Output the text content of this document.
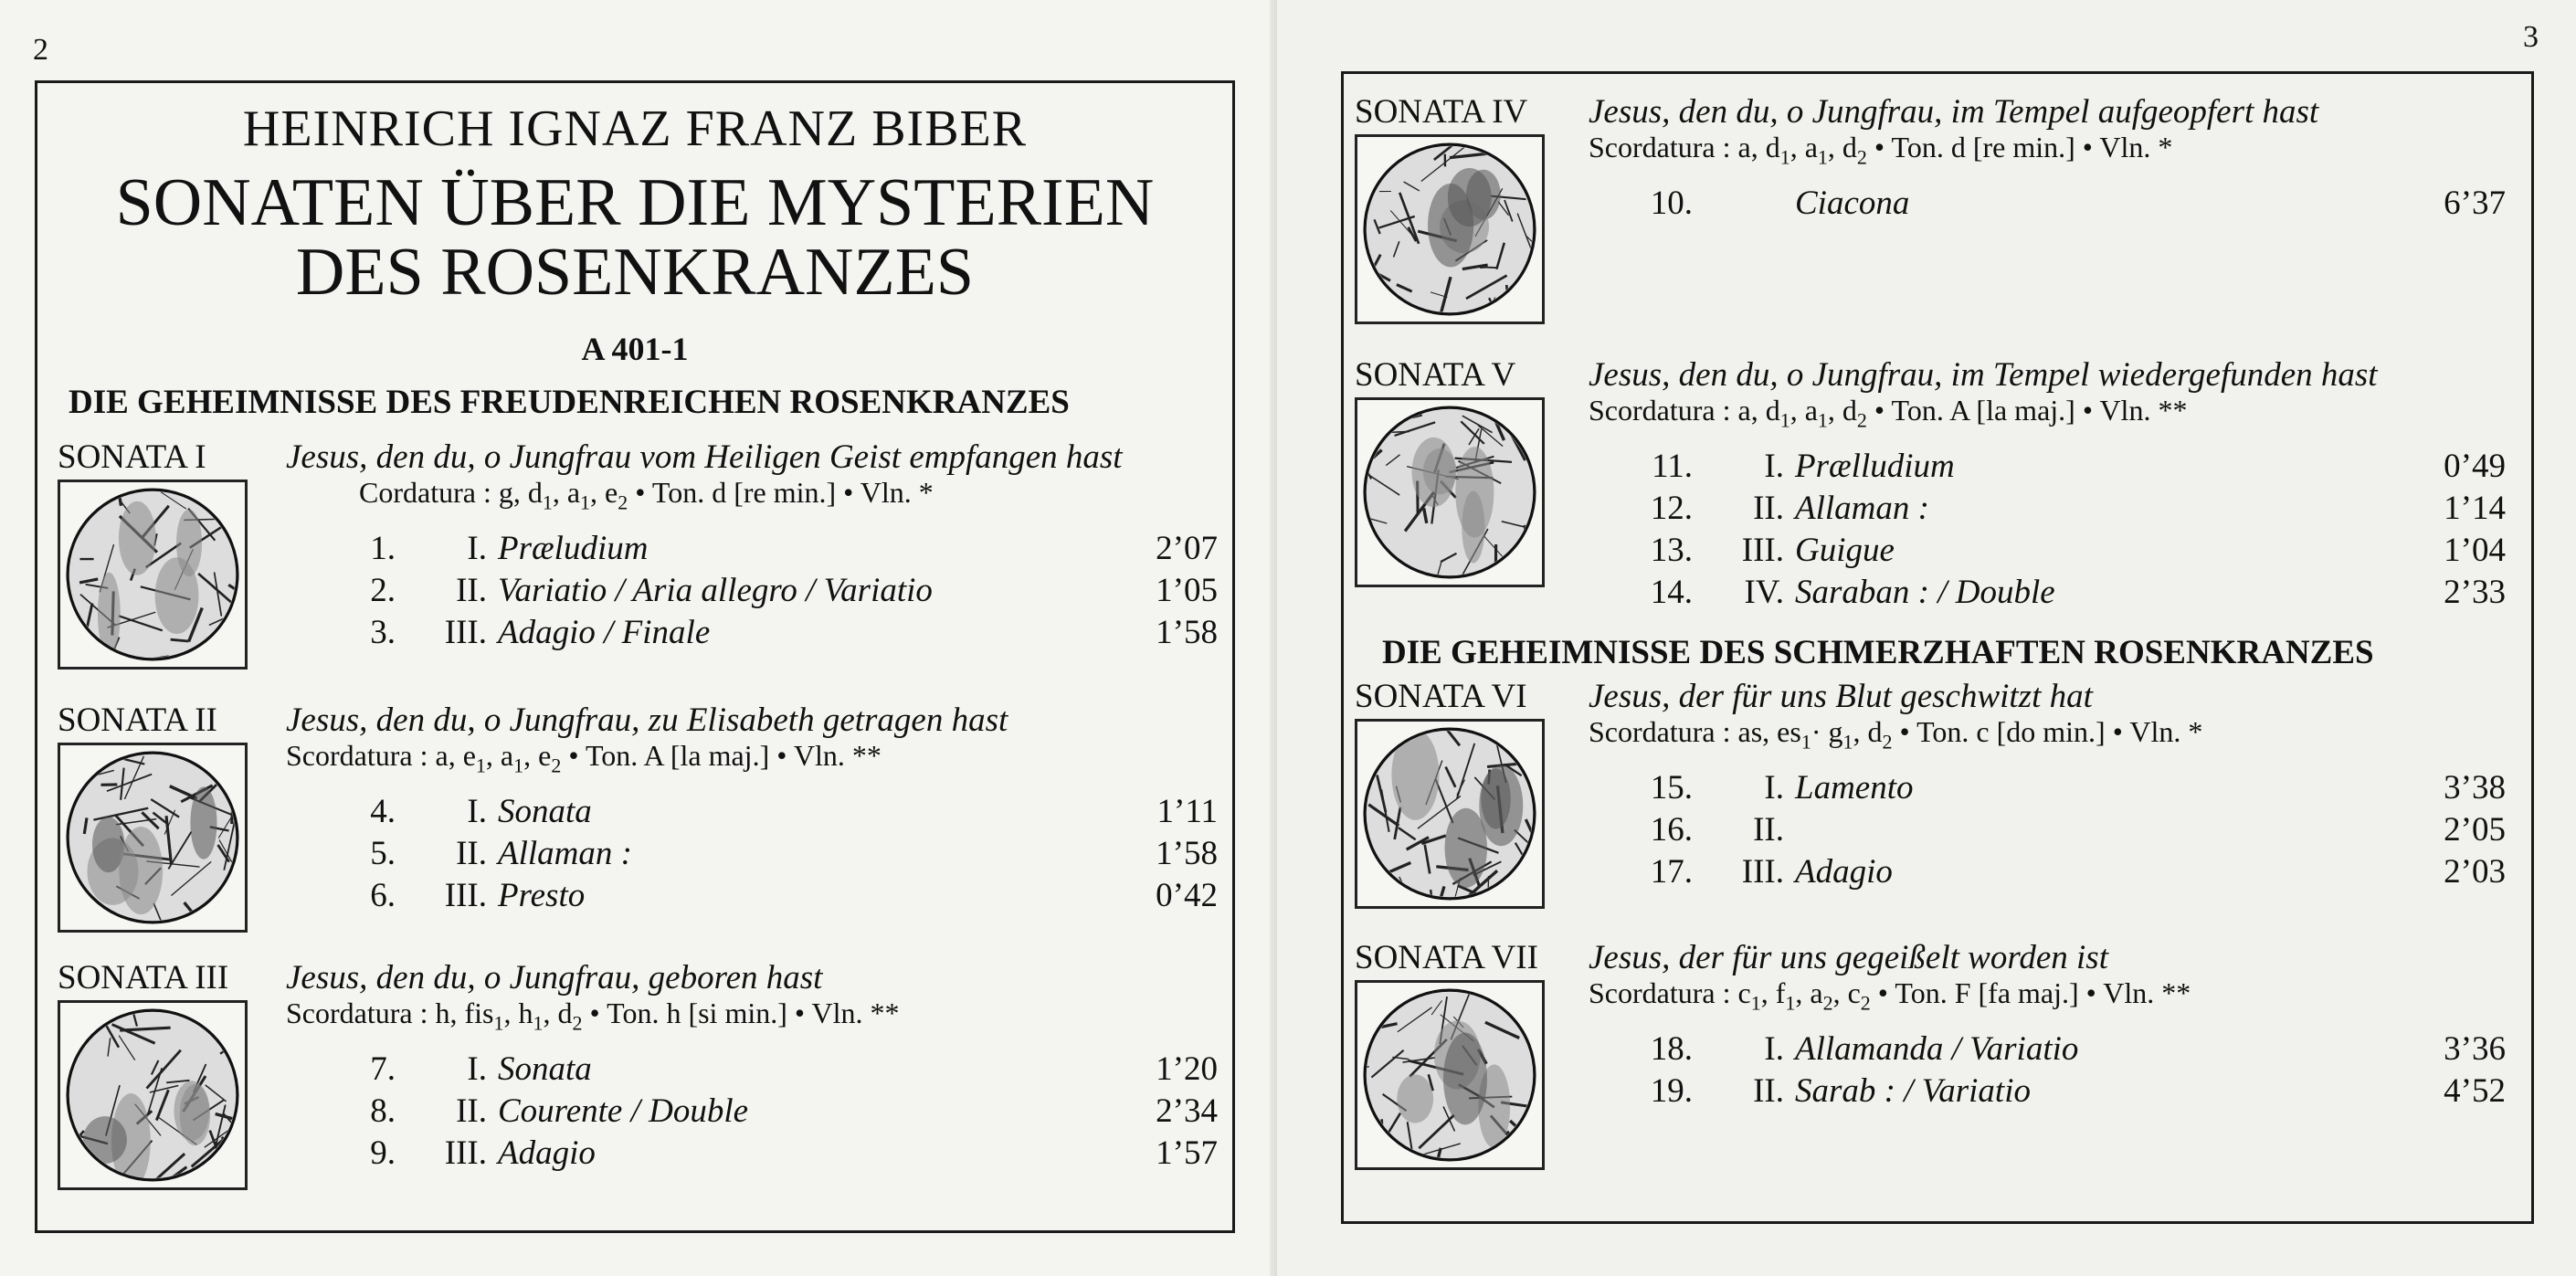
2
HEINRICH IGNAZ FRANZ BIBER
SONATEN ÜBER DIE MYSTERIEN
DES ROSENKRANZES
A 401-1
DIE GEHEIMNISSE DES FREUDENREICHEN ROSENKRANZES
SONATA I Jesus, den du, o Jungfrau vom Heiligen Geist empfangen hast
Cordatura : g, $d_1$, $a_1$, $e_2$ • Ton. d [re min.] • Vln. *
1.	I. Præludium	2’07
2.	II. Variatio / Aria allegro / Variatio	1’05
3.	III. Adagio / Finale	1’58
SONATA II Jesus, den du, o Jungfrau, zu Elisabeth getragen hast
Scordatura : a, $e_1$, $a_1$, $e_2$ • Ton. A [la maj.] • Vln. **
4.	I. Sonata	1’11
5.	II. Allaman :	1’58
6.	III. Presto	0’42
SONATA III Jesus, den du, o Jungfrau, geboren hast
Scordatura : h, fis$_1$, $h_1$, $d_2$ • Ton. h [si min.] • Vln. **
7.	I. Sonata	1’20
8.	II. Courente / Double	2’34
9.	III. Adagio	1’57
3
SONATA IV Jesus, den du, o Jungfrau, im Tempel aufgeopfert hast
Scordatura : a, $d_1$, $a_1$, $d_2$ • Ton. d [re min.] • Vln. *
10.	Ciacona	6’37
SONATA V Jesus, den du, o Jungfrau, im Tempel wiedergefunden hast
Scordatura : a, $d_1$, $a_1$, $d_2$ • Ton. A [la maj.] • Vln. **
11.	I. Prælludium	0’49
12.	II. Allaman :	1’14
13.	III. Guigue	1’04
14.	IV. Saraban : / Double	2’33
DIE GEHEIMNISSE DES SCHMERZHAFTEN ROSENKRANZES
SONATA VI Jesus, der für uns Blut geschwitzt hat
Scordatura : as, $es_1\cdot g_1$, $d_2$ • Ton. c [do min.] • Vln. *
15.	I. Lamento	3’38
16.	II.	2’05
17.	III. Adagio	2’03
SONATA VII Jesus, der für uns gegeißelt worden ist
Scordatura : $c_1$, $f_1$, $a_2$, $c_2$ • Ton. F [fa maj.] • Vln. **
18.	I. Allamanda / Variatio	3’36
19.	II. Sarab : / Variatio	4’52
